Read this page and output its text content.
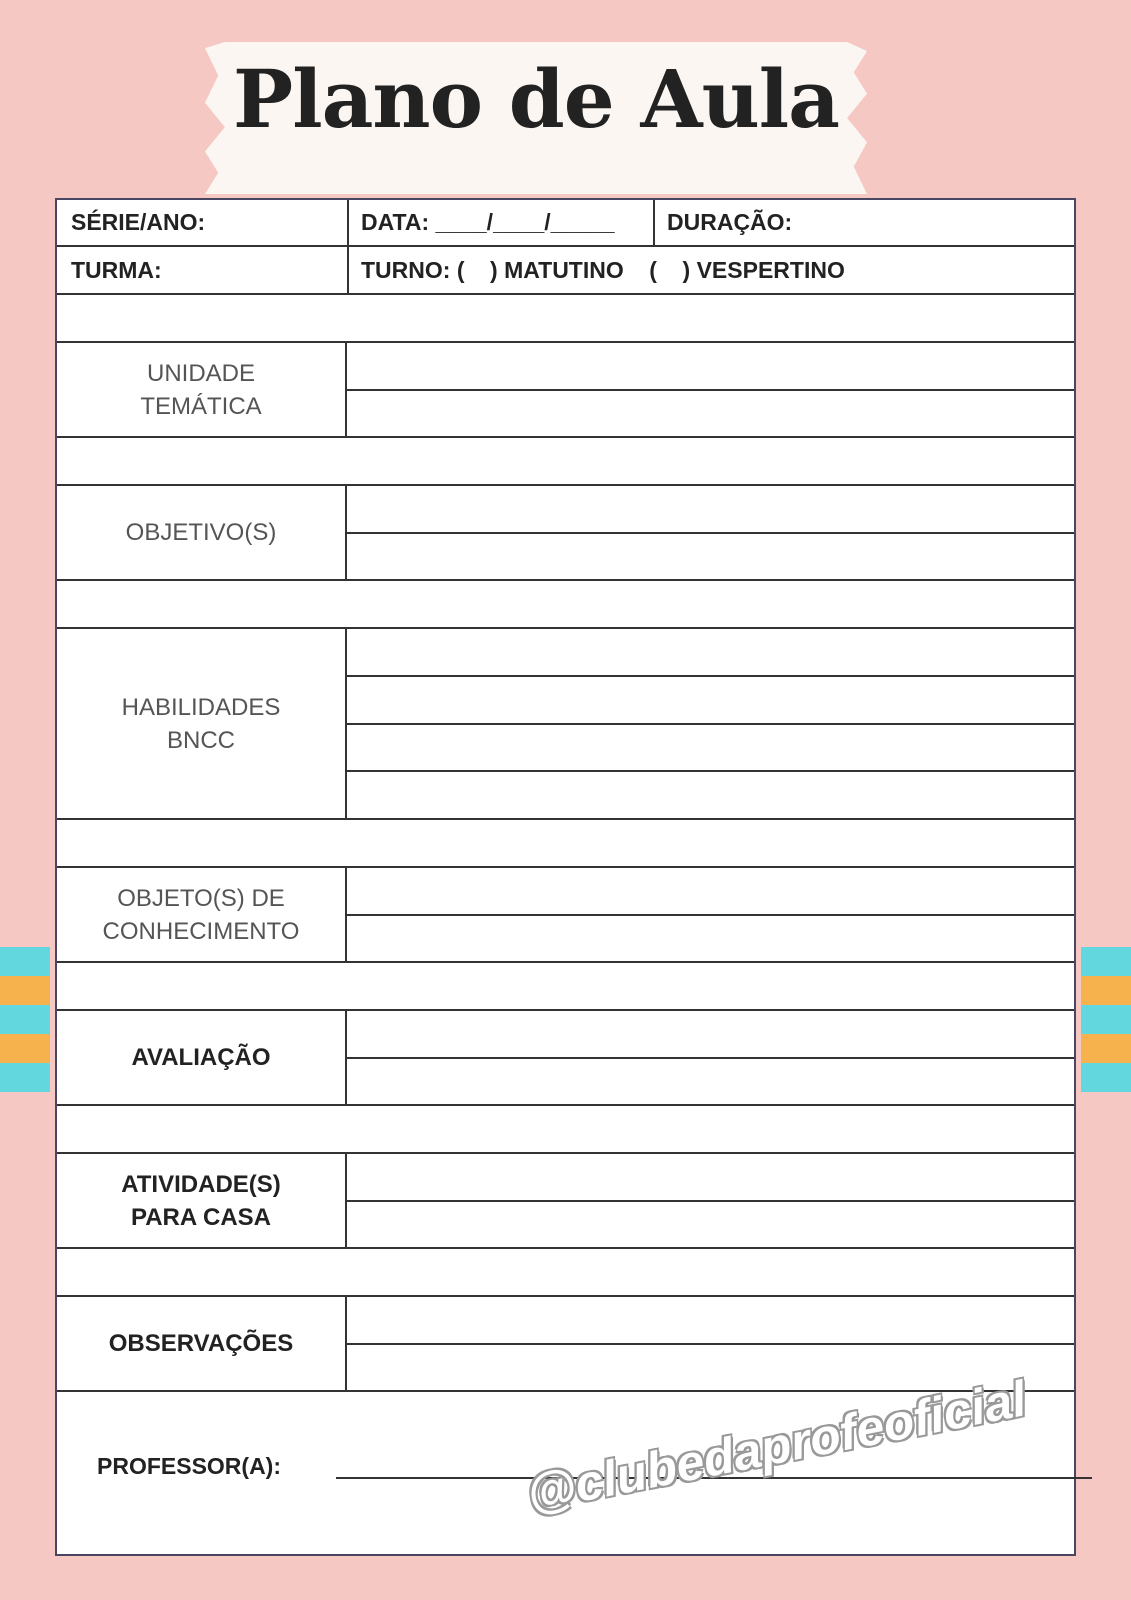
Plano de Aula
SÉRIE/ANO:	DATA: ____/____/_____ DURAÇÃO:
TURMA:	TURNO: (    ) MATUTINO    (    ) VESPERTINO
UNIDADE
TEMÁTICA
OBJETIVO(S)
HABILIDADES
BNCC
OBJETO(S) DE
CONHECIMENTO
AVALIAÇÃO
ATIVIDADE(S)
PARA CASA
OBSERVAÇÕES
PROFESSOR(A):	@clubedaprofeoficial
